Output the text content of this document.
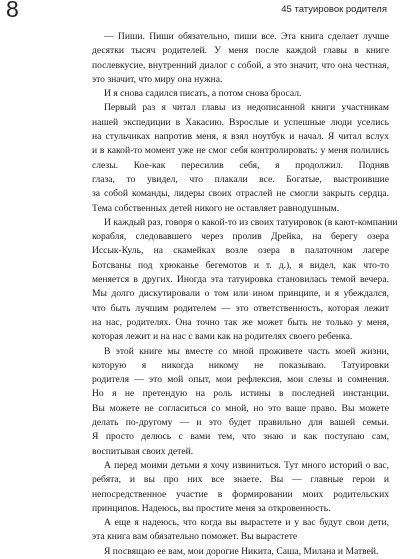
8	45 татуировок родителя
— Пиши. Пиши обязательно, пиши все. Эта книга сделает лучше
десятки тысяч родителей. У меня после каждой главы в книге
послевкусие, внутренний диалог с собой, а это значит, что она честная,
это значит, что миру она нужна.
И я снова садился писать, а потом снова бросал.
Первый раз я читал главы из недописанной книги участникам
нашей экспедиции в Хакасию. Взрослые и успешные люди уселись
на стульчиках напротив меня, я взял ноутбук и начал. Я читал вслух
и в какой-то момент уже не смог себя контролировать: у меня полились
слезы. Кое-как пересилив себя, я продолжил. Подняв
глаза, то увидел, что плакали все. Богатые, выстроившие
за собой команды, лидеры своих отраслей не смогли закрыть сердца.
Тема собственных детей никого не оставляет равнодушным.
И каждый раз, говоря о какой-то из своих татуировок (в кают-компании
корабля, следовавшего через пролив Дрейка, на берегу озера
Иссык-Куль, на скамейках возле озера в палаточном лагере
Ботсваны под хрюканье бегемотов и т. д.), я видел, как что-то
меняется в других. Иногда эта татуировка становилась темой вечера.
Мы долго дискутировали о том или ином принципе, и я убеждался,
что быть лучшим родителем — это ответственность, которая лежит
на нас, родителях. Она точно так же может быть не только у меня,
которая лежит и на нас с вами как на родителях своего ребенка.
В этой книге мы вместе со мной проживете часть моей жизни,
которую я никогда никому не показываю. Татуировки
родителя — это мой опыт, мои рефлексия, мои слезы и сомнения.
Но я не претендую на роль истины в последней инстанции.
Вы можете не согласиться со мной, но это ваше право. Вы можете
делать по-другому — и это будет правильно для вашей семьи.
Я просто делюсь с вами тем, что знаю и как поступаю сам,
воспитывая своих детей.
А перед моими детьми я хочу извиниться. Тут много историй о вас,
ребята, и вы про них все знаете. Вы — главные герои и
непосредственное участие в формировании моих родительских
принципов. Надеюсь, вы простите меня за откровенность.
А еще я надеюсь, что когда вы вырастете и у вас будут свои дети,
эта книга вам обязательно поможет. Вы вырастете
Я посвящаю ее вам, мои дорогие Никита, Саша, Милана и Матвей.
